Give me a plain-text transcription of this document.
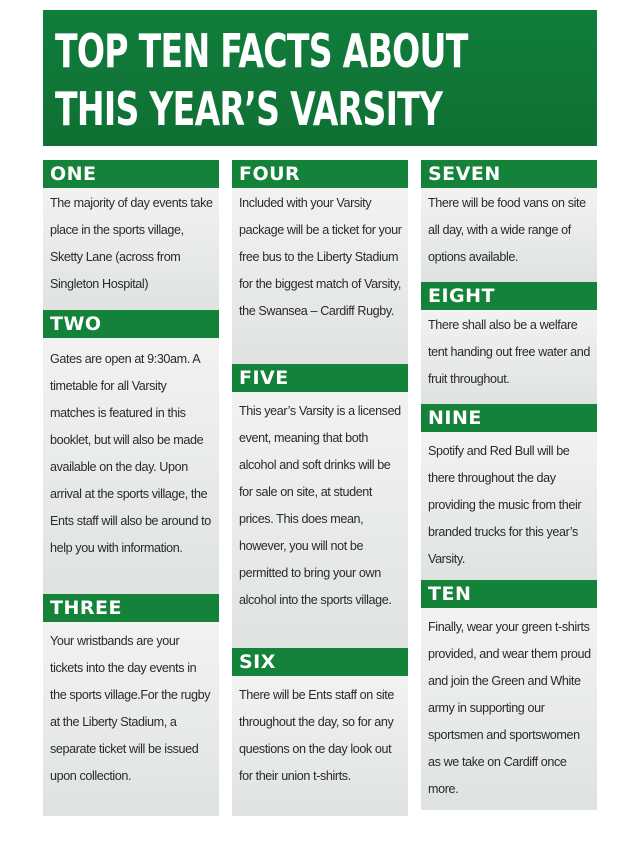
TOP TEN FACTS ABOUT
THIS YEAR’S VARSITY
ONE
The majority of day events take place in the sports village, Sketty Lane (across from Singleton Hospital)
TWO
Gates are open at 9:30am. A timetable for all Varsity matches is featured in this booklet, but will also be made available on the day. Upon arrival at the sports village, the Ents staff will also be around to help you with information.
THREE
Your wristbands are your tickets into the day events in the sports village.For the rugby at the Liberty Stadium, a separate ticket will be issued upon collection.
FOUR
Included with your Varsity package will be a ticket for your free bus to the Liberty Stadium for the biggest match of Varsity, the Swansea – Cardiff Rugby.
FIVE
This year’s Varsity is a licensed event, meaning that both alcohol and soft drinks will be for sale on site, at student prices. This does mean, however, you will not be permitted to bring your own alcohol into the sports village.
SIX
There will be Ents staff on site throughout the day, so for any questions on the day look out for their union t-shirts.
SEVEN
There will be food vans on site all day, with a wide range of options available.
EIGHT
There shall also be a welfare tent handing out free water and fruit throughout.
NINE
Spotify and Red Bull will be there throughout the day providing the music from their branded trucks for this year’s Varsity.
TEN
Finally, wear your green t-shirts provided, and wear them proud and join the Green and White army in supporting our sportsmen and sportswomen as we take on Cardiff once more.
